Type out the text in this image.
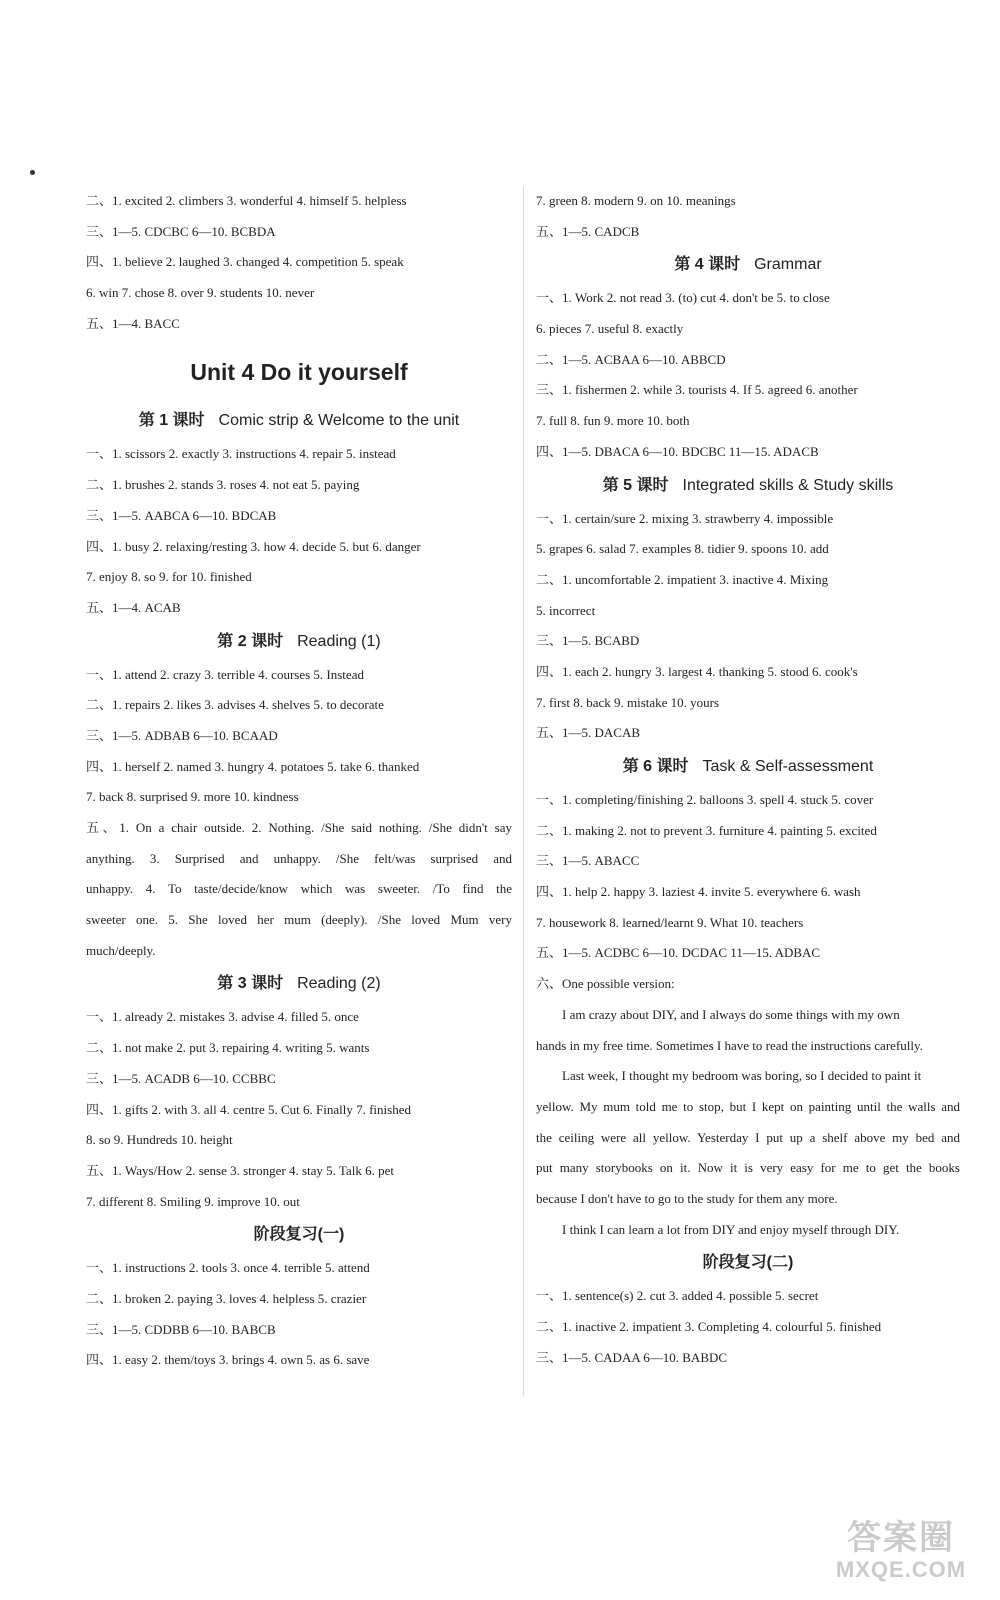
二、1. excited 2. climbers 3. wonderful 4. himself 5. helpless
三、1—5. CDCBC 6—10. BCBDA
四、1. believe 2. laughed 3. changed 4. competition 5. speak
6. win 7. chose 8. over 9. students 10. never
五、1—4. BACC
Unit 4 Do it yourself
第 1 课时 Comic strip & Welcome to the unit
一、1. scissors 2. exactly 3. instructions 4. repair 5. instead
二、1. brushes 2. stands 3. roses 4. not eat 5. paying
三、1—5. AABCA 6—10. BDCAB
四、1. busy 2. relaxing/resting 3. how 4. decide 5. but 6. danger
7. enjoy 8. so 9. for 10. finished
五、1—4. ACAB
第 2 课时 Reading (1)
一、1. attend 2. crazy 3. terrible 4. courses 5. Instead
二、1. repairs 2. likes 3. advises 4. shelves 5. to decorate
三、1—5. ADBAB 6—10. BCAAD
四、1. herself 2. named 3. hungry 4. potatoes 5. take 6. thanked
7. back 8. surprised 9. more 10. kindness
五、1. On a chair outside. 2. Nothing. /She said nothing. /She didn't say
anything. 3. Surprised and unhappy. /She felt/was surprised and
unhappy. 4. To taste/decide/know which was sweeter. /To find the
sweeter one. 5. She loved her mum (deeply). /She loved Mum very
much/deeply.
第 3 课时 Reading (2)
一、1. already 2. mistakes 3. advise 4. filled 5. once
二、1. not make 2. put 3. repairing 4. writing 5. wants
三、1—5. ACADB 6—10. CCBBC
四、1. gifts 2. with 3. all 4. centre 5. Cut 6. Finally 7. finished
8. so 9. Hundreds 10. height
五、1. Ways/How 2. sense 3. stronger 4. stay 5. Talk 6. pet
7. different 8. Smiling 9. improve 10. out
阶段复习(一)
一、1. instructions 2. tools 3. once 4. terrible 5. attend
二、1. broken 2. paying 3. loves 4. helpless 5. crazier
三、1—5. CDDBB 6—10. BABCB
四、1. easy 2. them/toys 3. brings 4. own 5. as 6. save
7. green 8. modern 9. on 10. meanings
五、1—5. CADCB
第 4 课时 Grammar
一、1. Work 2. not read 3. (to) cut 4. don't be 5. to close
6. pieces 7. useful 8. exactly
二、1—5. ACBAA 6—10. ABBCD
三、1. fishermen 2. while 3. tourists 4. If 5. agreed 6. another
7. full 8. fun 9. more 10. both
四、1—5. DBACA 6—10. BDCBC 11—15. ADACB
第 5 课时 Integrated skills & Study skills
一、1. certain/sure 2. mixing 3. strawberry 4. impossible
5. grapes 6. salad 7. examples 8. tidier 9. spoons 10. add
二、1. uncomfortable 2. impatient 3. inactive 4. Mixing
5. incorrect
三、1—5. BCABD
四、1. each 2. hungry 3. largest 4. thanking 5. stood 6. cook's
7. first 8. back 9. mistake 10. yours
五、1—5. DACAB
第 6 课时 Task & Self-assessment
一、1. completing/finishing 2. balloons 3. spell 4. stuck 5. cover
二、1. making 2. not to prevent 3. furniture 4. painting 5. excited
三、1—5. ABACC
四、1. help 2. happy 3. laziest 4. invite 5. everywhere 6. wash
7. housework 8. learned/learnt 9. What 10. teachers
五、1—5. ACDBC 6—10. DCDAC 11—15. ADBAC
六、One possible version:
I am crazy about DIY, and I always do some things with my own
hands in my free time. Sometimes I have to read the instructions carefully.
Last week, I thought my bedroom was boring, so I decided to paint it
yellow. My mum told me to stop, but I kept on painting until the walls and
the ceiling were all yellow. Yesterday I put up a shelf above my bed and
put many storybooks on it. Now it is very easy for me to get the books
because I don't have to go to the study for them any more.
I think I can learn a lot from DIY and enjoy myself through DIY.
阶段复习(二)
一、1. sentence(s) 2. cut 3. added 4. possible 5. secret
二、1. inactive 2. impatient 3. Completing 4. colourful 5. finished
三、1—5. CADAA 6—10. BABDC
答案圈
MXQE.COM
